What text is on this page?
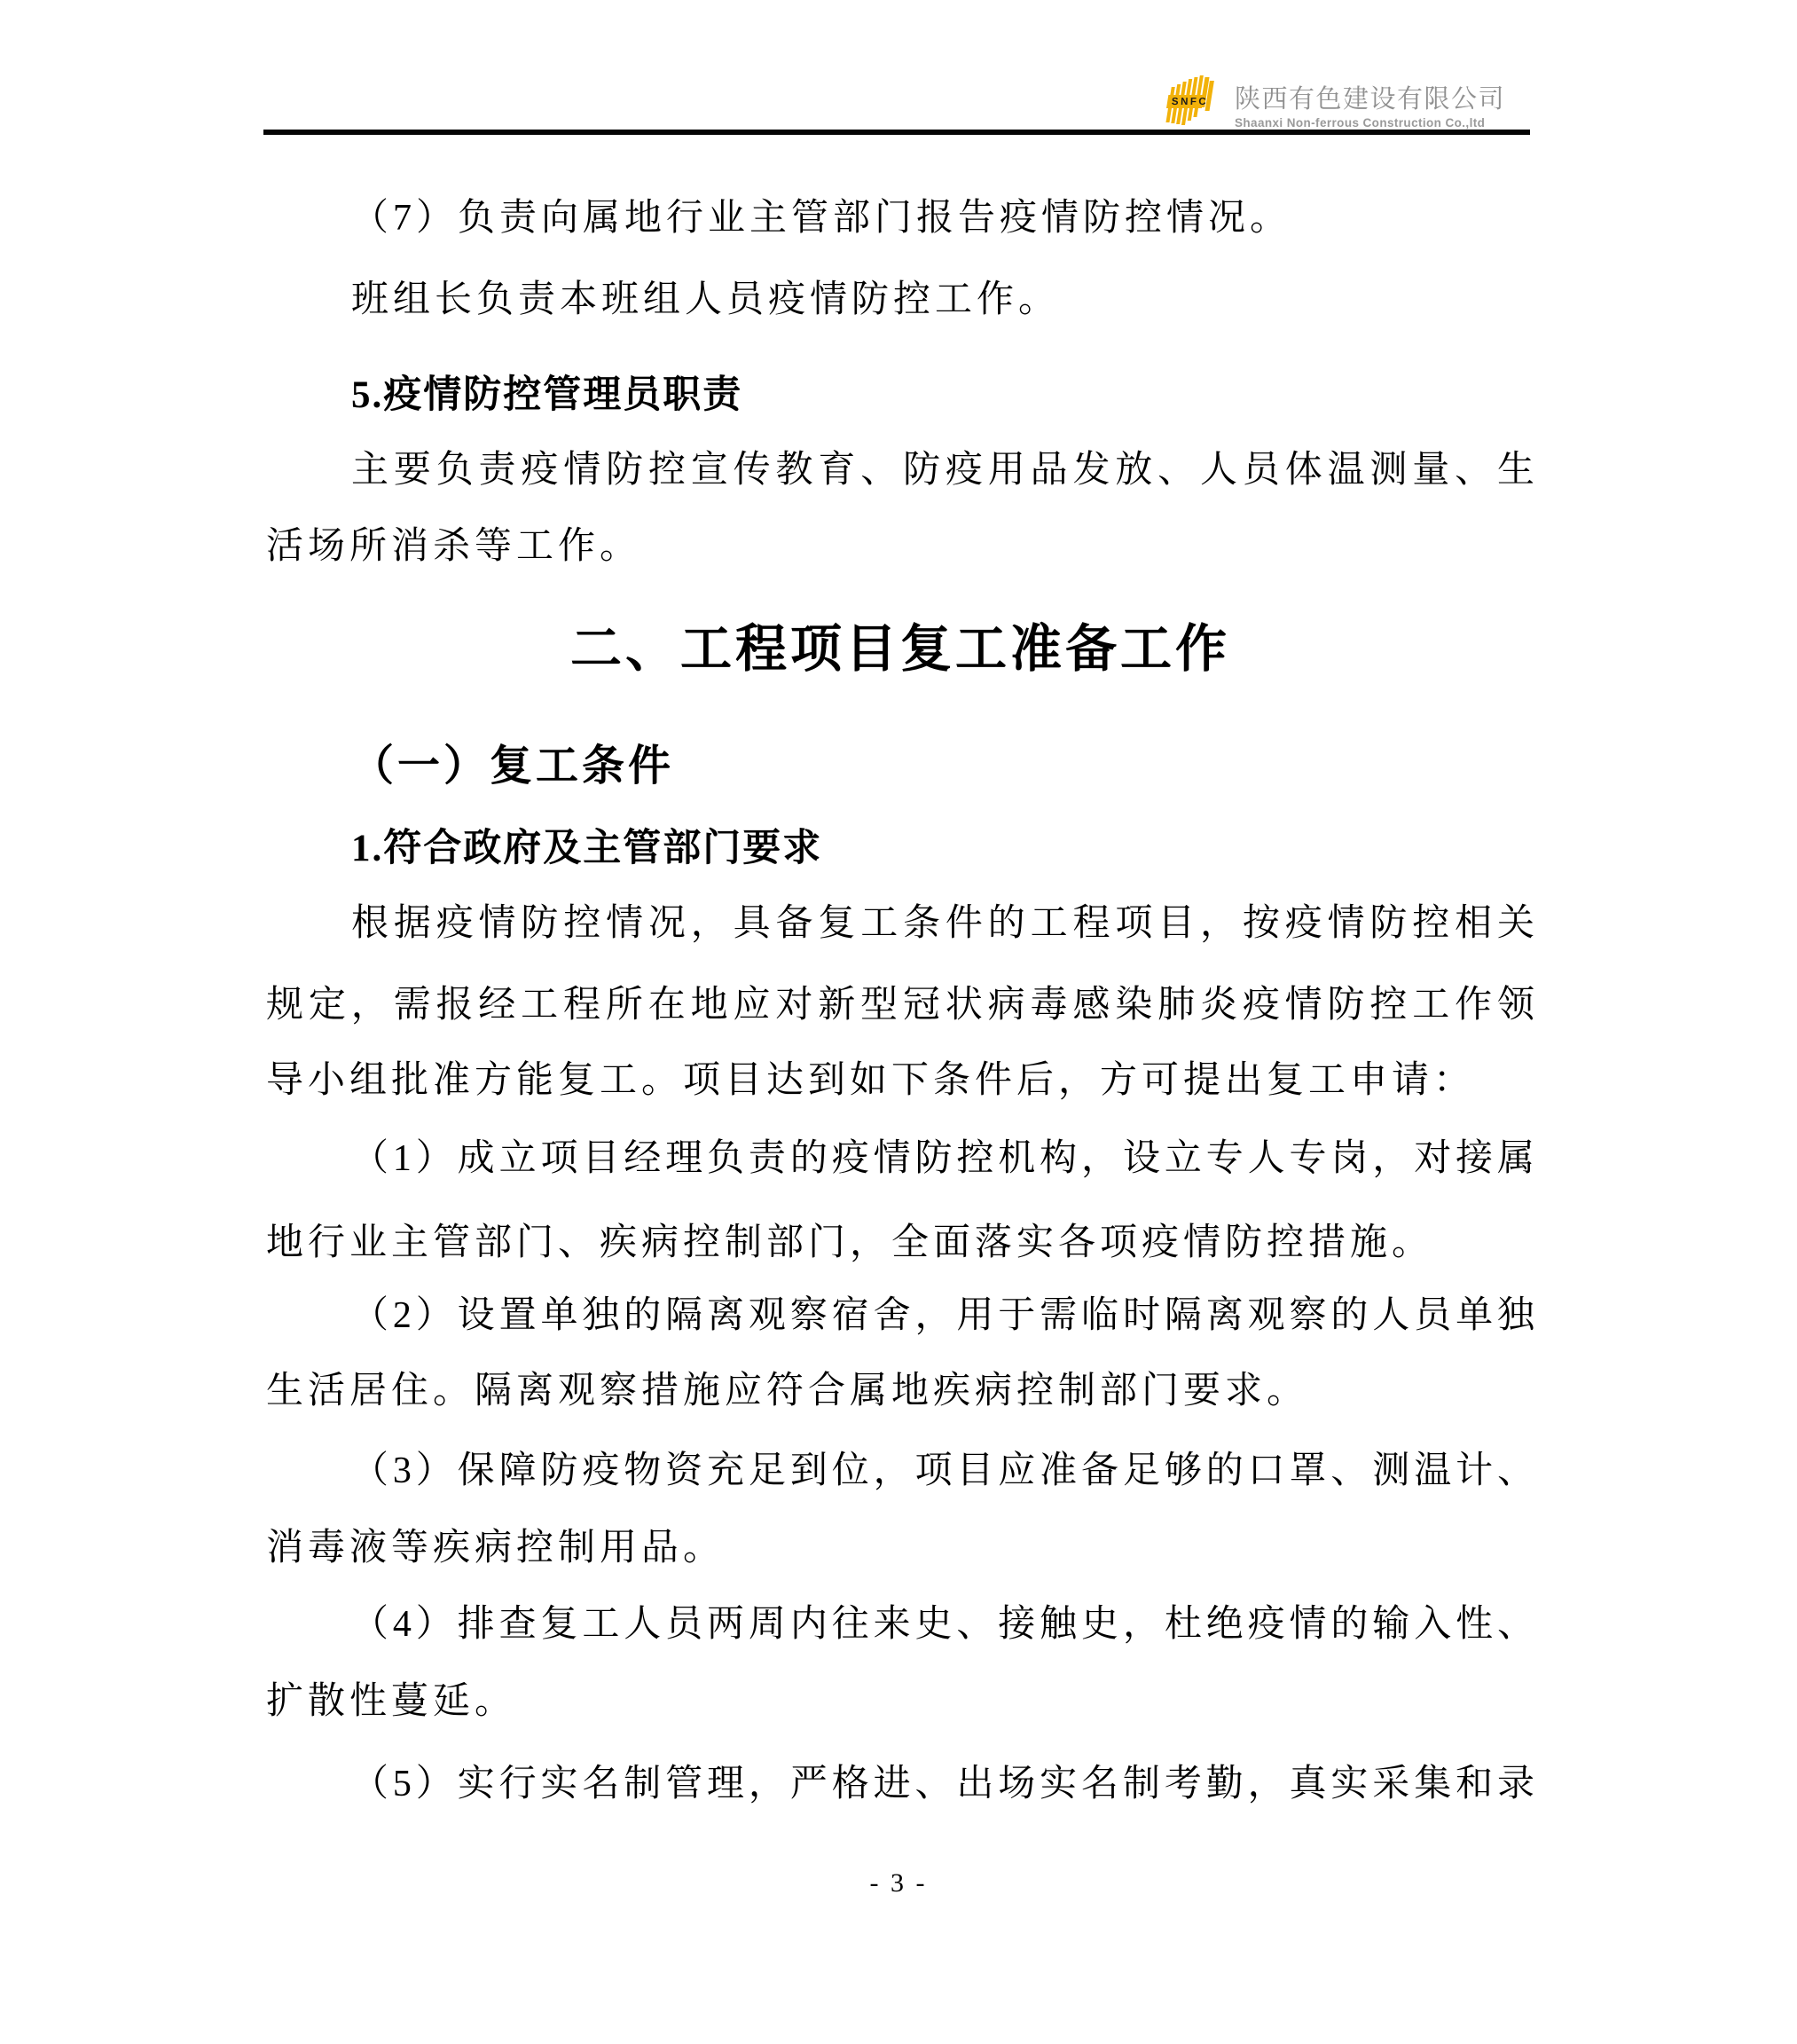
SNFC 陕西有色建设有限公司
Shaanxi Non-ferrous Construction Co.,ltd
（7）负责向属地行业主管部门报告疫情防控情况。
班组长负责本班组人员疫情防控工作。
5.疫情防控管理员职责
主要负责疫情防控宣传教育、防疫用品发放、人员体温测量、生
活场所消杀等工作。
二、工程项目复工准备工作
（一）复工条件
1.符合政府及主管部门要求
根据疫情防控情况，具备复工条件的工程项目，按疫情防控相关
规定，需报经工程所在地应对新型冠状病毒感染肺炎疫情防控工作领
导小组批准方能复工。项目达到如下条件后，方可提出复工申请：
（1）成立项目经理负责的疫情防控机构，设立专人专岗，对接属
地行业主管部门、疾病控制部门，全面落实各项疫情防控措施。
（2）设置单独的隔离观察宿舍，用于需临时隔离观察的人员单独
生活居住。隔离观察措施应符合属地疾病控制部门要求。
（3）保障防疫物资充足到位，项目应准备足够的口罩、测温计、
消毒液等疾病控制用品。
（4）排查复工人员两周内往来史、接触史，杜绝疫情的输入性、
扩散性蔓延。
（5）实行实名制管理，严格进、出场实名制考勤，真实采集和录
- 3 -
